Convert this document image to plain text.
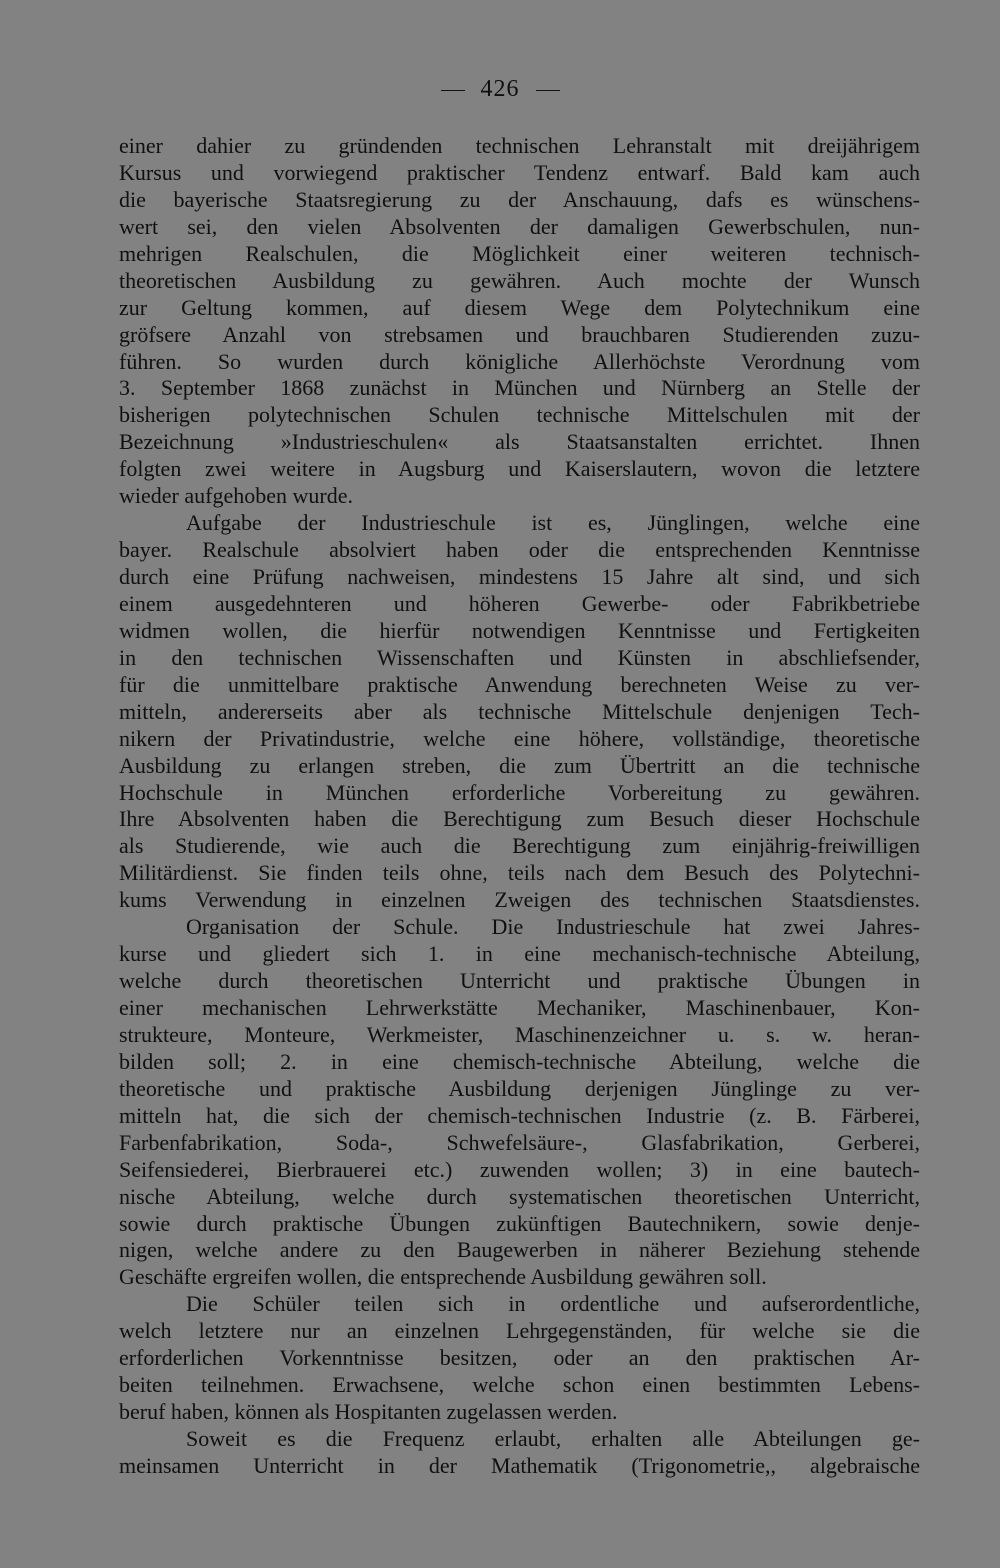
426
einer dahier zu gründenden technischen Lehranstalt mit dreijährigem
Kursus und vorwiegend praktischer Tendenz entwarf. Bald kam auch
die bayerische Staatsregierung zu der Anschauung, dafs es wünschens-
wert sei, den vielen Absolventen der damaligen Gewerbschulen, nun-
mehrigen Realschulen, die Möglichkeit einer weiteren technisch-
theoretischen Ausbildung zu gewähren. Auch mochte der Wunsch
zur Geltung kommen, auf diesem Wege dem Polytechnikum eine
gröfsere Anzahl von strebsamen und brauchbaren Studierenden zuzu-
führen. So wurden durch königliche Allerhöchste Verordnung vom
3. September 1868 zunächst in München und Nürnberg an Stelle der
bisherigen polytechnischen Schulen technische Mittelschulen mit der
Bezeichnung »Industrieschulen« als Staatsanstalten errichtet. Ihnen
folgten zwei weitere in Augsburg und Kaiserslautern, wovon die letztere
wieder aufgehoben wurde.
Aufgabe der Industrieschule ist es, Jünglingen, welche eine
bayer. Realschule absolviert haben oder die entsprechenden Kenntnisse
durch eine Prüfung nachweisen, mindestens 15 Jahre alt sind, und sich
einem ausgedehnteren und höheren Gewerbe- oder Fabrikbetriebe
widmen wollen, die hierfür notwendigen Kenntnisse und Fertigkeiten
in den technischen Wissenschaften und Künsten in abschliefsender,
für die unmittelbare praktische Anwendung berechneten Weise zu ver-
mitteln, andererseits aber als technische Mittelschule denjenigen Tech-
nikern der Privatindustrie, welche eine höhere, vollständige, theoretische
Ausbildung zu erlangen streben, die zum Übertritt an die technische
Hochschule in München erforderliche Vorbereitung zu gewähren.
Ihre Absolventen haben die Berechtigung zum Besuch dieser Hochschule
als Studierende, wie auch die Berechtigung zum einjährig-freiwilligen
Militärdienst. Sie finden teils ohne, teils nach dem Besuch des Polytechni-
kums Verwendung in einzelnen Zweigen des technischen Staatsdienstes.
Organisation der Schule. Die Industrieschule hat zwei Jahres-
kurse und gliedert sich 1. in eine mechanisch-technische Abteilung,
welche durch theoretischen Unterricht und praktische Übungen in
einer mechanischen Lehrwerkstätte Mechaniker, Maschinenbauer, Kon-
strukteure, Monteure, Werkmeister, Maschinenzeichner u. s. w. heran-
bilden soll; 2. in eine chemisch-technische Abteilung, welche die
theoretische und praktische Ausbildung derjenigen Jünglinge zu ver-
mitteln hat, die sich der chemisch-technischen Industrie (z. B. Färberei,
Farbenfabrikation, Soda-, Schwefelsäure-, Glasfabrikation, Gerberei,
Seifensiederei, Bierbrauerei etc.) zuwenden wollen; 3) in eine bautech-
nische Abteilung, welche durch systematischen theoretischen Unterricht,
sowie durch praktische Übungen zukünftigen Bautechnikern, sowie denje-
nigen, welche andere zu den Baugewerben in näherer Beziehung stehende
Geschäfte ergreifen wollen, die entsprechende Ausbildung gewähren soll.
Die Schüler teilen sich in ordentliche und aufserordentliche,
welch letztere nur an einzelnen Lehrgegenständen, für welche sie die
erforderlichen Vorkenntnisse besitzen, oder an den praktischen Ar-
beiten teilnehmen. Erwachsene, welche schon einen bestimmten Lebens-
beruf haben, können als Hospitanten zugelassen werden.
Soweit es die Frequenz erlaubt, erhalten alle Abteilungen ge-
meinsamen Unterricht in der Mathematik (Trigonometrie,, algebraische
